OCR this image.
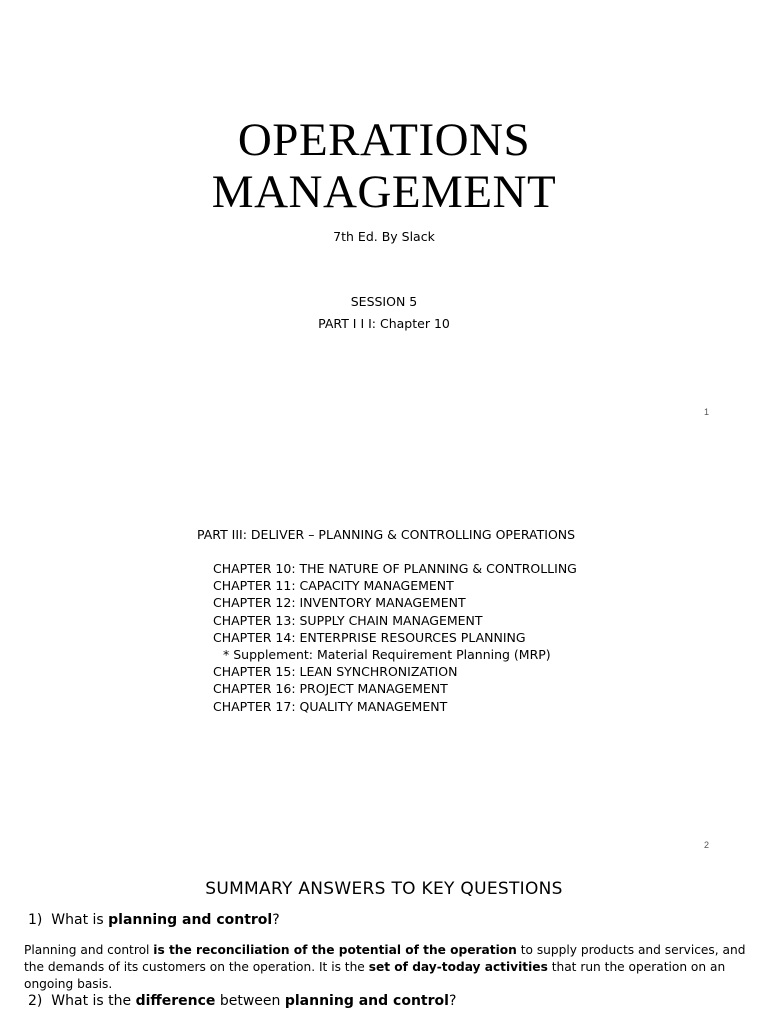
OPERATIONS
MANAGEMENT
7th Ed. By Slack
SESSION 5
PART I I I: Chapter 10
1
PART III: DELIVER – PLANNING & CONTROLLING OPERATIONS
CHAPTER 10: THE NATURE OF PLANNING & CONTROLLING
CHAPTER 11: CAPACITY MANAGEMENT
CHAPTER 12: INVENTORY MANAGEMENT
CHAPTER 13: SUPPLY CHAIN MANAGEMENT
CHAPTER 14: ENTERPRISE RESOURCES PLANNING
* Supplement: Material Requirement Planning (MRP)
CHAPTER 15: LEAN SYNCHRONIZATION
CHAPTER 16: PROJECT MANAGEMENT
CHAPTER 17: QUALITY MANAGEMENT
2
SUMMARY ANSWERS TO KEY QUESTIONS
1) What is planning and control?
Planning and control is the reconciliation of the potential of the operation to supply products and services, and the demands of its customers on the operation. It is the set of day-today activities that run the operation on an ongoing basis.
2) What is the difference between planning and control?
